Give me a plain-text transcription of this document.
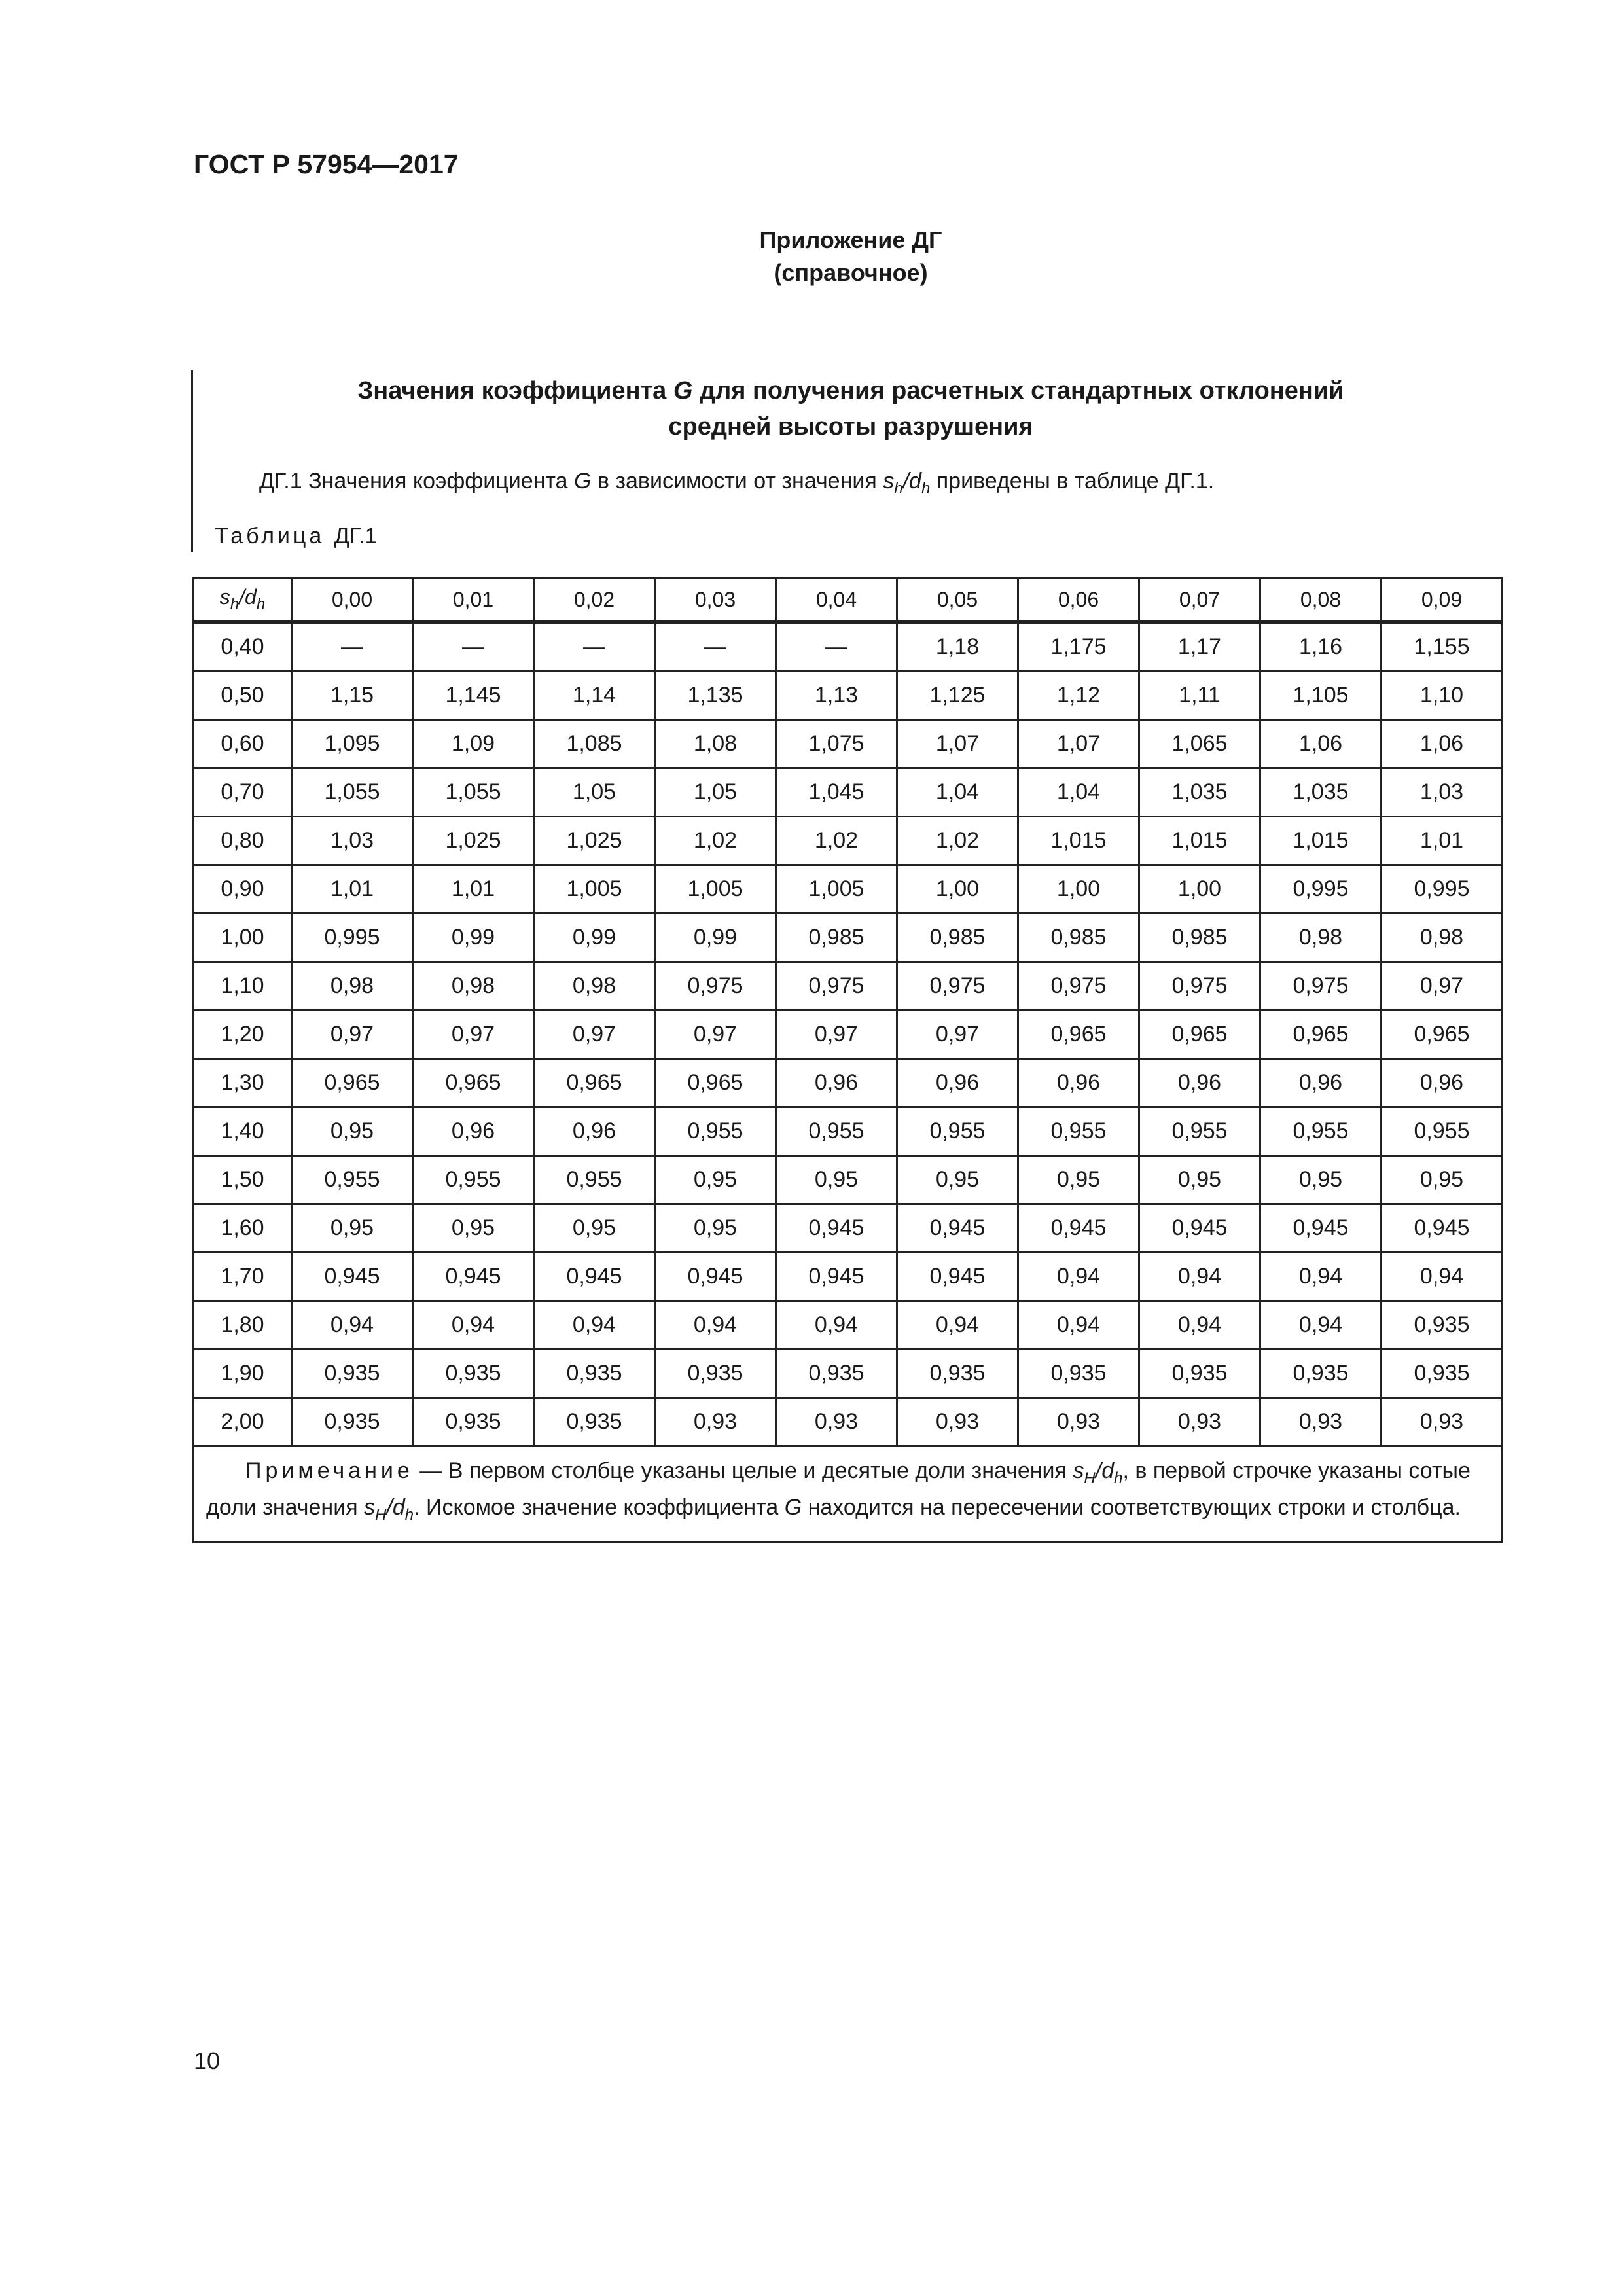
ГОСТ Р 57954—2017
Приложение ДГ
(справочное)
Значения коэффициента G для получения расчетных стандартных отклонений
средней высоты разрушения
ДГ.1 Значения коэффициента G в зависимости от значения $s_h/d_h$ приведены в таблице ДГ.1.
Таблица ДГ.1
$s_h/d_h$	0,00	0,01	0,02	0,03	0,04	0,05	0,06	0,07	0,08	0,09
0,40	—	—	—	—	—	1,18	1,175	1,17	1,16	1,155
0,50	1,15	1,145	1,14	1,135	1,13	1,125	1,12	1,11	1,105	1,10
0,60	1,095	1,09	1,085	1,08	1,075	1,07	1,07	1,065	1,06	1,06
0,70	1,055	1,055	1,05	1,05	1,045	1,04	1,04	1,035	1,035	1,03
0,80	1,03	1,025	1,025	1,02	1,02	1,02	1,015	1,015	1,015	1,01
0,90	1,01	1,01	1,005	1,005	1,005	1,00	1,00	1,00	0,995	0,995
1,00	0,995	0,99	0,99	0,99	0,985	0,985	0,985	0,985	0,98	0,98
1,10	0,98	0,98	0,98	0,975	0,975	0,975	0,975	0,975	0,975	0,97
1,20	0,97	0,97	0,97	0,97	0,97	0,97	0,965	0,965	0,965	0,965
1,30	0,965	0,965	0,965	0,965	0,96	0,96	0,96	0,96	0,96	0,96
1,40	0,95	0,96	0,96	0,955	0,955	0,955	0,955	0,955	0,955	0,955
1,50	0,955	0,955	0,955	0,95	0,95	0,95	0,95	0,95	0,95	0,95
1,60	0,95	0,95	0,95	0,95	0,945	0,945	0,945	0,945	0,945	0,945
1,70	0,945	0,945	0,945	0,945	0,945	0,945	0,94	0,94	0,94	0,94
1,80	0,94	0,94	0,94	0,94	0,94	0,94	0,94	0,94	0,94	0,935
1,90	0,935	0,935	0,935	0,935	0,935	0,935	0,935	0,935	0,935	0,935
2,00	0,935	0,935	0,935	0,93	0,93	0,93	0,93	0,93	0,93	0,93
Примечание — В первом столбце указаны целые и десятые доли значения $s_H/d_h$, в первой строчке указаны сотые доли значения $s_H/d_h$. Искомое значение коэффициента G находится на пересечении соответствующих строки и столбца.										
10
